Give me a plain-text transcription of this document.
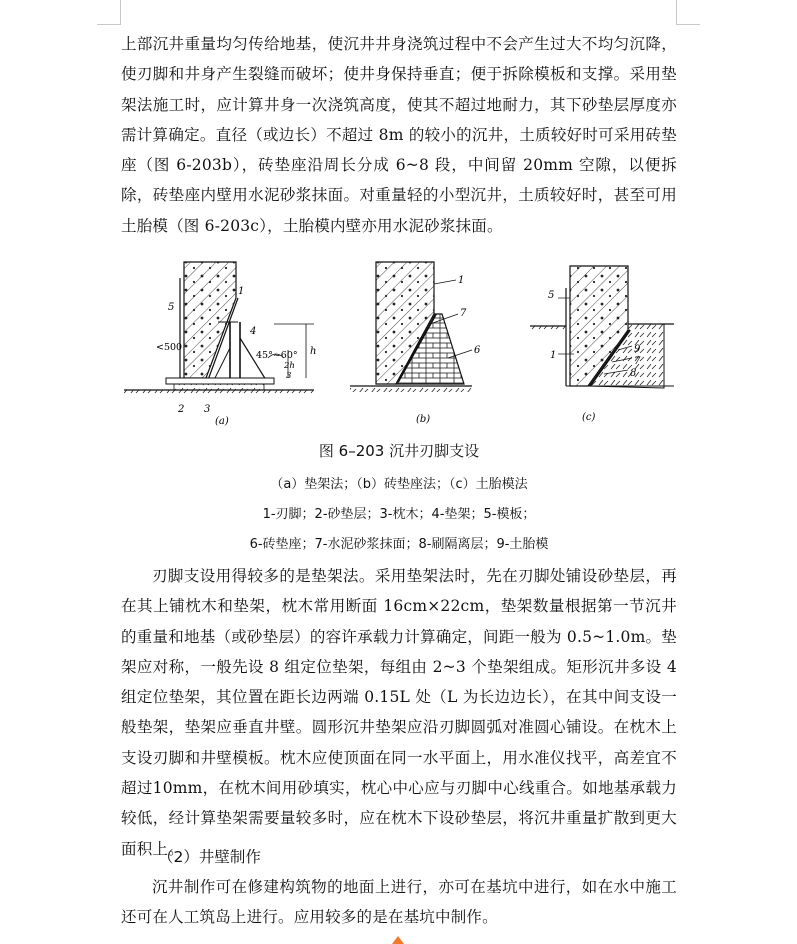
上部沉井重量均匀传给地基，使沉井井身浇筑过程中不会产生过大不均匀沉降，使刃脚和井身产生裂缝而破坏；使井身保持垂直；便于拆除模板和支撑。采用垫架法施工时，应计算井身一次浇筑高度，使其不超过地耐力，其下砂垫层厚度亦需计算确定。直径（或边长）不超过 8m 的较小的沉井，土质较好时可采用砖垫座（图 6-203b），砖垫座沿周长分成 6~8 段，中间留 20mm 空隙，以便拆除，砖垫座内壁用水泥砂浆抹面。对重量轻的小型沉井，土质较好时，甚至可用土胎模（图 6-203c），土胎模内壁亦用水泥砂浆抹面。
1
5
4
<500
45°~60° h
2h
3
2 3
(a)
1
7
6
(b)
5
1
9
7
8
(c)
图 6–203 沉井刃脚支设
（a）垫架法；（b）砖垫座法；（c）土胎模法
1-刃脚；2-砂垫层；3-枕木；4-垫架；5-模板；
6-砖垫座；7-水泥砂浆抹面；8-刷隔离层；9-土胎模
刃脚支设用得较多的是垫架法。采用垫架法时，先在刃脚处铺设砂垫层，再在其上铺枕木和垫架，枕木常用断面 16cm×22cm，垫架数量根据第一节沉井的重量和地基（或砂垫层）的容许承载力计算确定，间距一般为 0.5~1.0m。垫架应对称，一般先设 8 组定位垫架，每组由 2~3 个垫架组成。矩形沉井多设 4 组定位垫架，其位置在距长边两端 0.15L 处（L 为长边边长），在其中间支设一般垫架，垫架应垂直井壁。圆形沉井垫架应沿刃脚圆弧对准圆心铺设。在枕木上支设刃脚和井壁模板。枕木应使顶面在同一水平面上，用水准仪找平，高差宜不超过10mm，在枕木间用砂填实，枕心中心应与刃脚中心线重合。如地基承载力较低，经计算垫架需要量较多时，应在枕木下设砂垫层，将沉井重量扩散到更大面积上。
（2）井壁制作
沉井制作可在修建构筑物的地面上进行，亦可在基坑中进行，如在水中施工还可在人工筑岛上进行。应用较多的是在基坑中制作。
